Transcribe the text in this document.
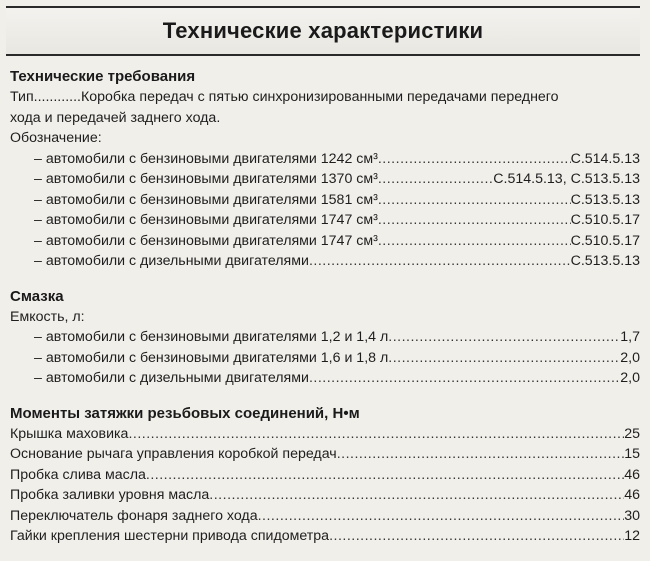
Технические характеристики
Технические требования

Тип............Коробка передач с пятью синхронизированными передачами переднего
хода и передачей заднего хода.

Обозначение:

– автомобили с бензиновыми двигателями 1242 см³ .....	С.514.5.13
– автомобили с бензиновыми двигателями 1370 см³ .....	С.514.5.13, С.513.5.13
– автомобили с бензиновыми двигателями 1581 см³ .....	С.513.5.13
– автомобили с бензиновыми двигателями 1747 см³ .....	С.510.5.17
– автомобили с бензиновыми двигателями 1747 см³ .....	С.510.5.17
– автомобили с дизельными двигателями .....	С.513.5.13
Смазка

Емкость, л:

– автомобили с бензиновыми двигателями 1,2 и 1,4 л .....	1,7
– автомобили с бензиновыми двигателями 1,6 и 1,8 л .....	2,0
– автомобили с дизельными двигателями .....	2,0
Моменты затяжки резьбовых соединений, Н•м
Крышка маховика .....	25
Основание рычага управления коробкой передач .....	15
Пробка слива масла .....	46
Пробка заливки уровня масла .....	46
Переключатель фонаря заднего хода .....	30
Гайки крепления шестерни привода спидометра .....	12
